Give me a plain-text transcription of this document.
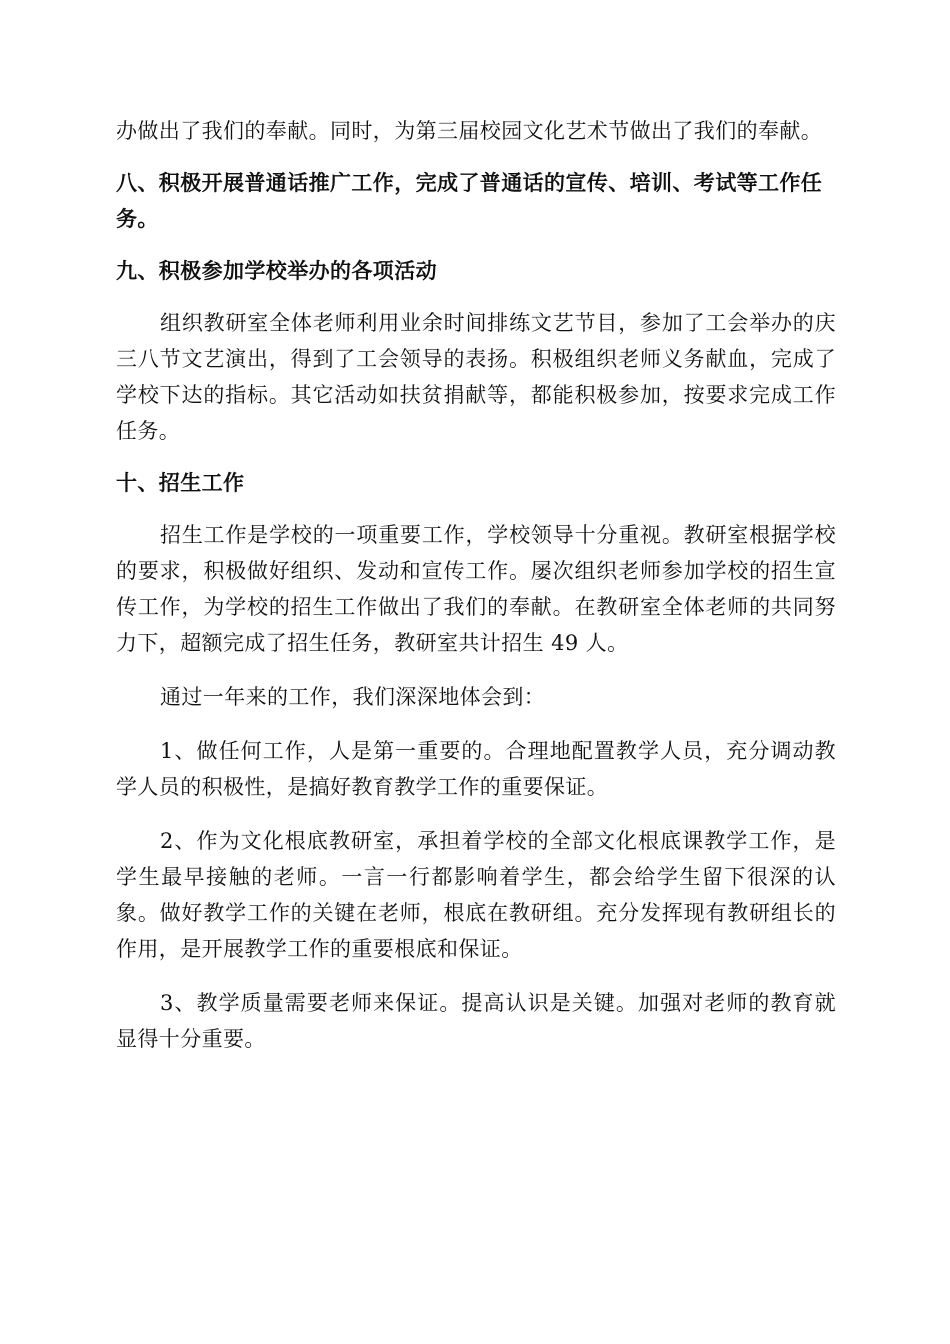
办做出了我们的奉献。同时，为第三届校园文化艺术节做出了我们的奉献。

八、积极开展普通话推广工作，完成了普通话的宣传、培训、考试等工作任务。

九、积极参加学校举办的各项活动

组织教研室全体老师利用业余时间排练文艺节目，参加了工会举办的庆三八节文艺演出，得到了工会领导的表扬。积极组织老师义务献血，完成了学校下达的指标。其它活动如扶贫捐献等，都能积极参加，按要求完成工作任务。

十、招生工作

招生工作是学校的一项重要工作，学校领导十分重视。教研室根据学校的要求，积极做好组织、发动和宣传工作。屡次组织老师参加学校的招生宣传工作，为学校的招生工作做出了我们的奉献。在教研室全体老师的共同努力下，超额完成了招生任务，教研室共计招生 49 人。

通过一年来的工作，我们深深地体会到：

1、做任何工作，人是第一重要的。合理地配置教学人员，充分调动教学人员的积极性，是搞好教育教学工作的重要保证。

2、作为文化根底教研室，承担着学校的全部文化根底课教学工作，是学生最早接触的老师。一言一行都影响着学生，都会给学生留下很深的认象。做好教学工作的关键在老师，根底在教研组。充分发挥现有教研组长的作用，是开展教学工作的重要根底和保证。

3、教学质量需要老师来保证。提高认识是关键。加强对老师的教育就显得十分重要。
